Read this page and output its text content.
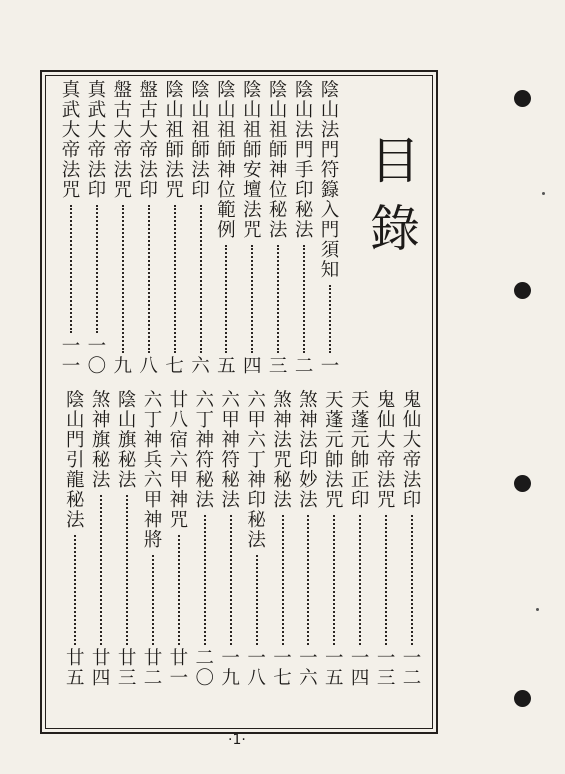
目
錄
陰
山
法
門
符
籙
入
門
須
知
一
陰
山
法
門
手
印
秘
法
二
陰
山
祖
師
神
位
秘
法
三
陰
山
祖
師
安
壇
法
咒
四
陰
山
祖
師
神
位
範
例
五
陰
山
祖
師
法
印
六
陰
山
祖
師
法
咒
七
盤
古
大
帝
法
印
八
盤
古
大
帝
法
咒
九
真
武
大
帝
法
印
一
〇
真
武
大
帝
法
咒
一
一
鬼
仙
大
帝
法
印
一
二
鬼
仙
大
帝
法
咒
一
三
天
蓬
元
帥
正
印
一
四
天
蓬
元
帥
法
咒
一
五
煞
神
法
印
妙
法
一
六
煞
神
法
咒
秘
法
一
七
六
甲
六
丁
神
印
秘
法
一
八
六
甲
神
符
秘
法
一
九
六
丁
神
符
秘
法
二
〇
廿
八
宿
六
甲
神
咒
廿
一
六
丁
神
兵
六
甲
神
將
廿
二
陰
山
旗
秘
法
廿
三
煞
神
旗
秘
法
廿
四
陰
山
門
引
龍
秘
法
廿
五
·1·
